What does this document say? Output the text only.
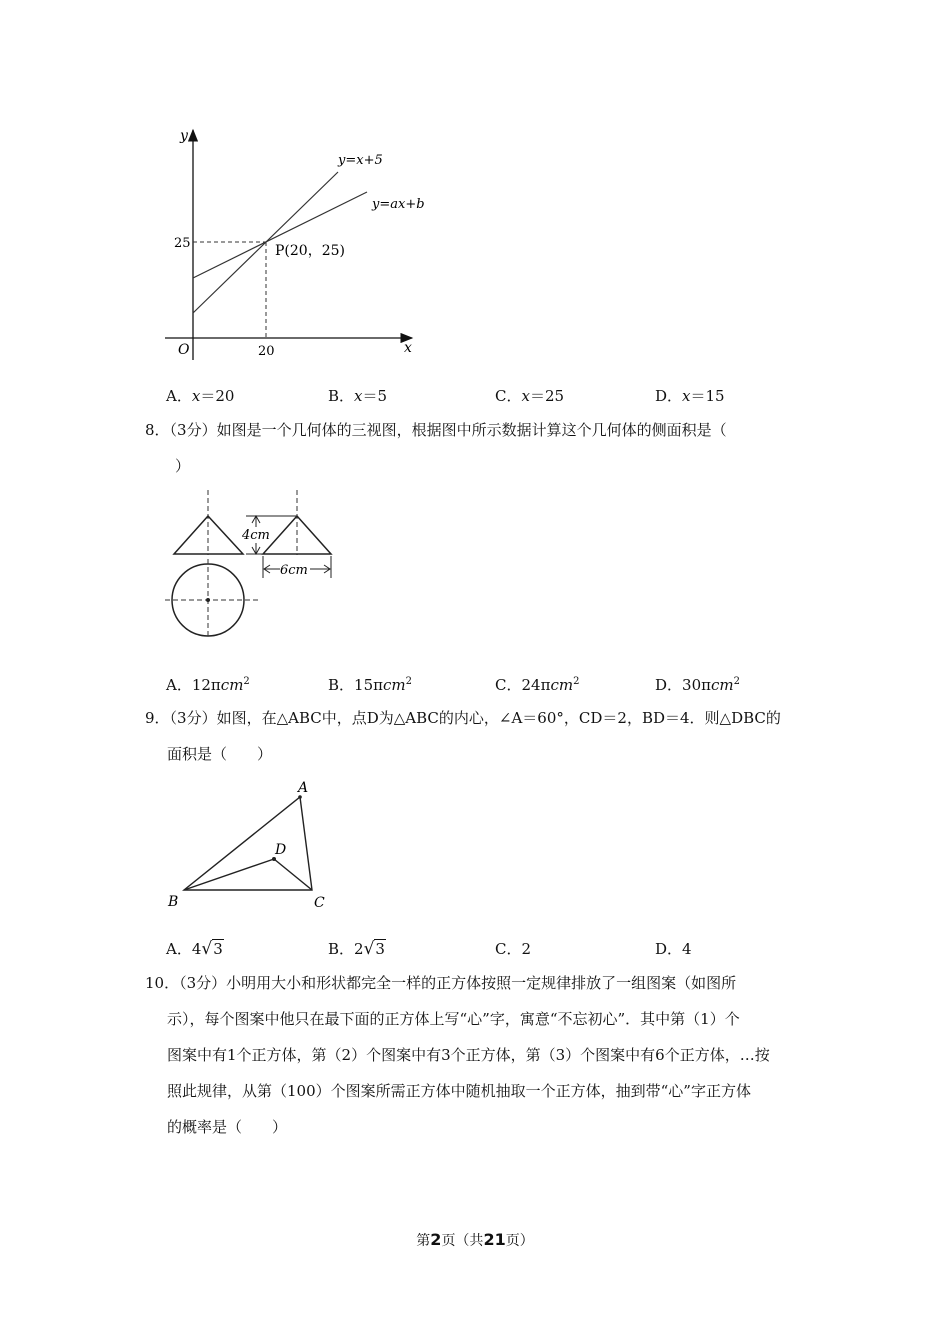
y
x
O	20
25
y=x+5
y=ax+b
P(20，25)
A．x＝20	B．x＝5	C．x＝25	D．x＝15
8．（3分）如图是一个几何体的三视图，根据图中所示数据计算这个几何体的侧面积是（
）
4cm
6cm
A．12πcm$^2$	B．15πcm$^2$	C．24πcm$^2$	D．30πcm$^2$
9．（3分）如图，在△ABC中，点D为△ABC的内心，∠A＝60°，CD＝2，BD＝4．则△DBC的
面积是（　　）
A
B	C
D
A．4√3	B．2√3	C．2	D．4
10．（3分）小明用大小和形状都完全一样的正方体按照一定规律排放了一组图案（如图所
示），每个图案中他只在最下面的正方体上写“心”字，寓意“不忘初心”．其中第（1）个
图案中有1个正方体，第（2）个图案中有3个正方体，第（3）个图案中有6个正方体，…按
照此规律，从第（100）个图案所需正方体中随机抽取一个正方体，抽到带“心”字正方体
的概率是（　　）
第2页（共21页）
